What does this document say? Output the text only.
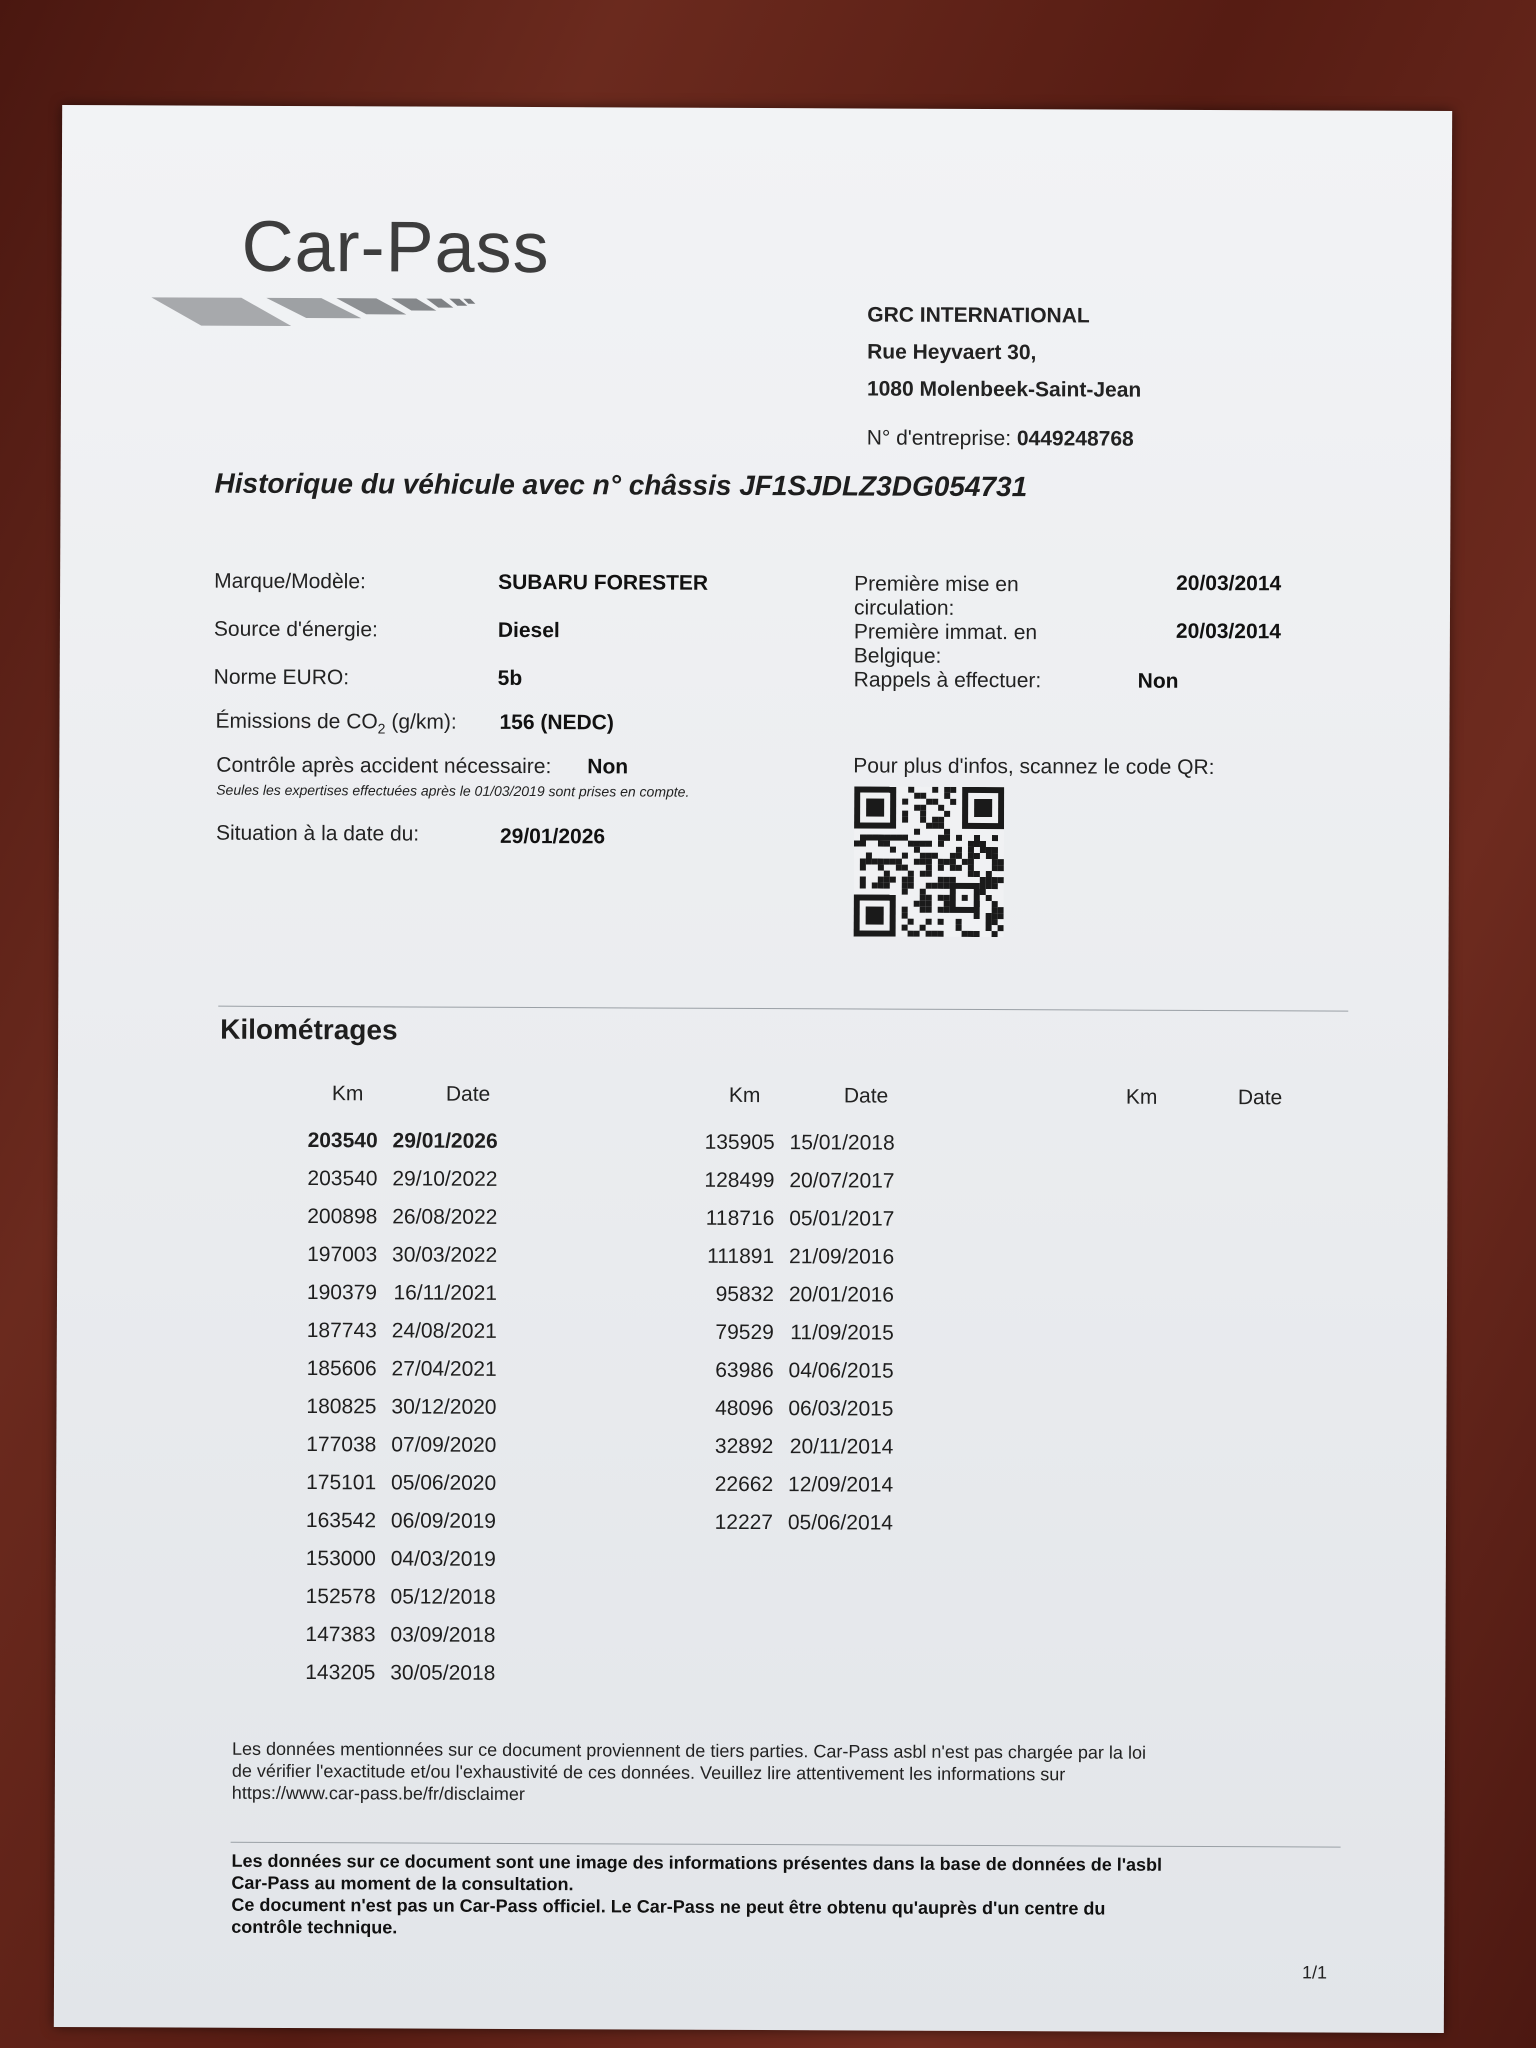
Car-Pass
GRC INTERNATIONAL
Rue Heyvaert 30,
1080 Molenbeek-Saint-Jean
N° d'entreprise: 0449248768
Historique du véhicule avec n° châssis JF1SJDLZ3DG054731
Marque/Modèle:	SUBARU FORESTER
Source d'énergie:	Diesel
Norme EURO:	5b
Émissions de $CO_2$ (g/km): 156 (NEDC)
Contrôle après accident nécessaire: Non
Seules les expertises effectuées après le 01/03/2019 sont prises en compte.
Situation à la date du:	29/01/2026
Première mise en
circulation:
20/03/2014
Première immat. en
Belgique:
20/03/2014
Rappels à effectuer:	Non
Pour plus d'infos, scannez le code QR:
Kilométrages
Km	Date	Km	Date	Km	Date
203540 29/01/2026
203540 29/10/2022
200898 26/08/2022
197003 30/03/2022
190379 16/11/2021
187743 24/08/2021
185606 27/04/2021
180825 30/12/2020
177038 07/09/2020
175101 05/06/2020
163542 06/09/2019
153000 04/03/2019
152578 05/12/2018
147383 03/09/2018
143205 30/05/2018
135905 15/01/2018
128499 20/07/2017
118716 05/01/2017
111891 21/09/2016
95832 20/01/2016
79529 11/09/2015
63986 04/06/2015
48096 06/03/2015
32892 20/11/2014
22662 12/09/2014
12227 05/06/2014
Les données mentionnées sur ce document proviennent de tiers parties. Car-Pass asbl n'est pas chargée par la loi
de vérifier l'exactitude et/ou l'exhaustivité de ces données. Veuillez lire attentivement les informations sur
https://www.car-pass.be/fr/disclaimer
Les données sur ce document sont une image des informations présentes dans la base de données de l'asbl
Car-Pass au moment de la consultation.
Ce document n'est pas un Car-Pass officiel. Le Car-Pass ne peut être obtenu qu'auprès d'un centre du
contrôle technique.
1/1
